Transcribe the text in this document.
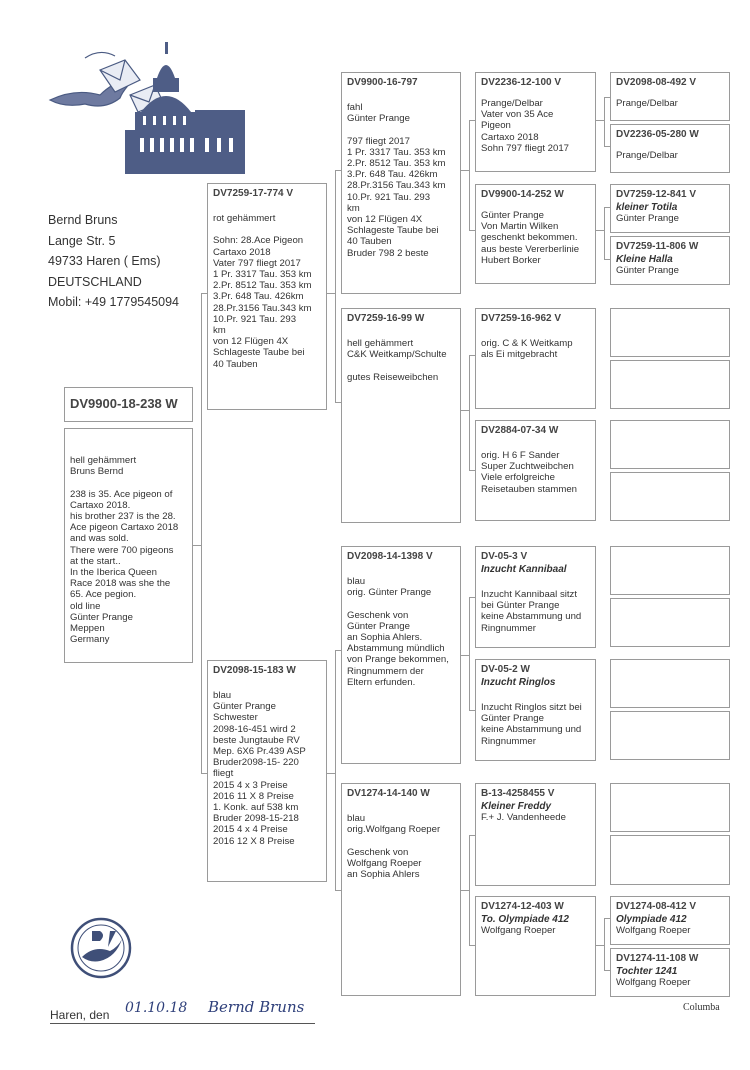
Bernd Bruns
Lange Str. 5
49733 Haren ( Ems)
DEUTSCHLAND
Mobil: +49 1779545094
DV9900-18-238 W
hell gehämmert
Bruns Bernd

238 is 35. Ace pigeon of
Cartaxo 2018.
his brother 237 is the 28.
Ace pigeon Cartaxo 2018
and was sold.
There were 700 pigeons
at the start..
In the Iberica Queen
Race 2018 was she the
65. Ace pegion.
old line
Günter Prange
Meppen
Germany
DV7259-17-774 V
rot gehämmert

Sohn: 28.Ace Pigeon
Cartaxo 2018
Vater 797 fliegt 2017
1 Pr. 3317 Tau. 353 km
2.Pr. 8512 Tau. 353 km
3.Pr. 648 Tau. 426km
28.Pr.3156 Tau.343 km
10.Pr. 921 Tau. 293
km
von 12 Flügen 4X
Schlageste Taube bei
40 Tauben
DV2098-15-183 W
blau
Günter Prange
Schwester
2098-16-451 wird 2
beste Jungtaube RV
Mep. 6X6 Pr.439 ASP
Bruder2098-15- 220
fliegt
2015 4 x 3 Preise
2016 11 X 8 Preise
1. Konk. auf 538 km
Bruder 2098-15-218
2015 4 x 4 Preise
2016 12 X 8 Preise
DV9900-16-797
fahl
Günter Prange

797 fliegt 2017
1 Pr. 3317 Tau. 353 km
2.Pr. 8512 Tau. 353 km
3.Pr. 648 Tau. 426km
28.Pr.3156 Tau.343 km
10.Pr. 921 Tau. 293
km
von 12 Flügen 4X
Schlageste Taube bei
40 Tauben
Bruder 798 2 beste
DV7259-16-99 W
hell gehämmert
C&K Weitkamp/Schulte

gutes Reiseweibchen
DV2098-14-1398 V
blau
orig. Günter Prange

Geschenk von
Günter Prange
an Sophia Ahlers.
Abstammung mündlich
von Prange bekommen,
Ringnummern der
Eltern erfunden.
DV1274-14-140 W
blau
orig.Wolfgang Roeper

Geschenk von
Wolfgang Roeper
an Sophia Ahlers
DV2236-12-100 V
Prange/Delbar
Vater von 35 Ace
Pigeon
Cartaxo 2018
Sohn 797 fliegt 2017
DV9900-14-252 W
Günter Prange
Von Martin Wilken
geschenkt bekommen.
aus beste Vererberlinie
Hubert Borker
DV7259-16-962 V
orig. C & K Weitkamp
als Ei mitgebracht
DV2884-07-34 W
orig. H 6 F Sander
Super Zuchtweibchen
Viele erfolgreiche
Reisetauben stammen
DV-05-3 V
Inzucht Kannibaal
Inzucht Kannibaal sitzt
bei Günter Prange
keine Abstammung und
Ringnummer
DV-05-2 W
Inzucht Ringlos
Inzucht Ringlos sitzt bei
Günter Prange
keine Abstammung und
Ringnummer
B-13-4258455 V
Kleiner Freddy
F.+ J. Vandenheede
DV1274-12-403 W
To. Olympiade 412
Wolfgang Roeper
DV2098-08-492 V
Prange/Delbar
DV2236-05-280 W
Prange/Delbar
DV7259-12-841 V
kleiner Totila
Günter Prange
DV7259-11-806 W
Kleine Halla
Günter Prange
DV1274-08-412 V
Olympiade 412
Wolfgang Roeper
DV1274-11-108 W
Tochter 1241
Wolfgang Roeper
Haren, den 01.10.18 Bernd Bruns	Columba
